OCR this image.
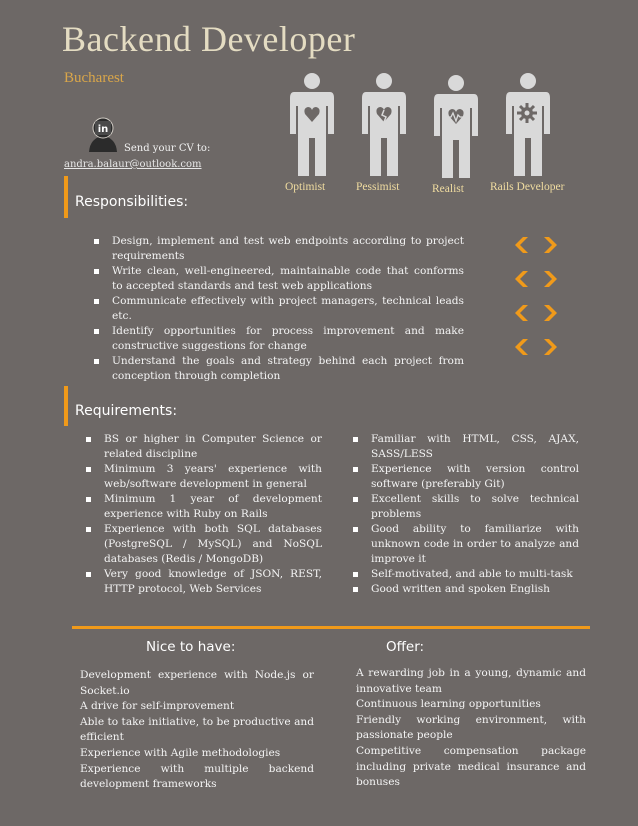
Backend Developer
Bucharest
in
Send your CV to:
andra.balaur@outlook.com
Optimist	Pessimist	Realist Rails Developer
Responsibilities:
Design, implement and test web endpoints according to project requirements
Write clean, well-engineered, maintainable code that conforms to accepted standards and test web applications
Communicate effectively with project managers, technical leads etc.
Identify opportunities for process improvement and make constructive suggestions for change
Understand the goals and strategy behind each project from conception through completion
Requirements:
BS or higher in Computer Science or related discipline
Minimum 3 years' experience with web/software development in general
Minimum 1 year of development experience with Ruby on Rails
Experience with both SQL databases (PostgreSQL / MySQL) and NoSQL databases (Redis / MongoDB)
Very good knowledge of JSON, REST, HTTP protocol, Web Services
Familiar with HTML, CSS, AJAX, SASS/LESS
Experience with version control software (preferably Git)
Excellent skills to solve technical problems
Good ability to familiarize with unknown code in order to analyze and improve it
Self-motivated, and able to multi-task
Good written and spoken English
Nice to have:	Offer:

Development experience with Node.js or Socket.io

A drive for self-improvement

Able to take initiative, to be productive and efficient

Experience with Agile methodologies

Experience with multiple backend development frameworks

A rewarding job in a young, dynamic and innovative team

Continuous learning opportunities

Friendly working environment, with passionate people

Competitive compensation package including private medical insurance and bonuses
